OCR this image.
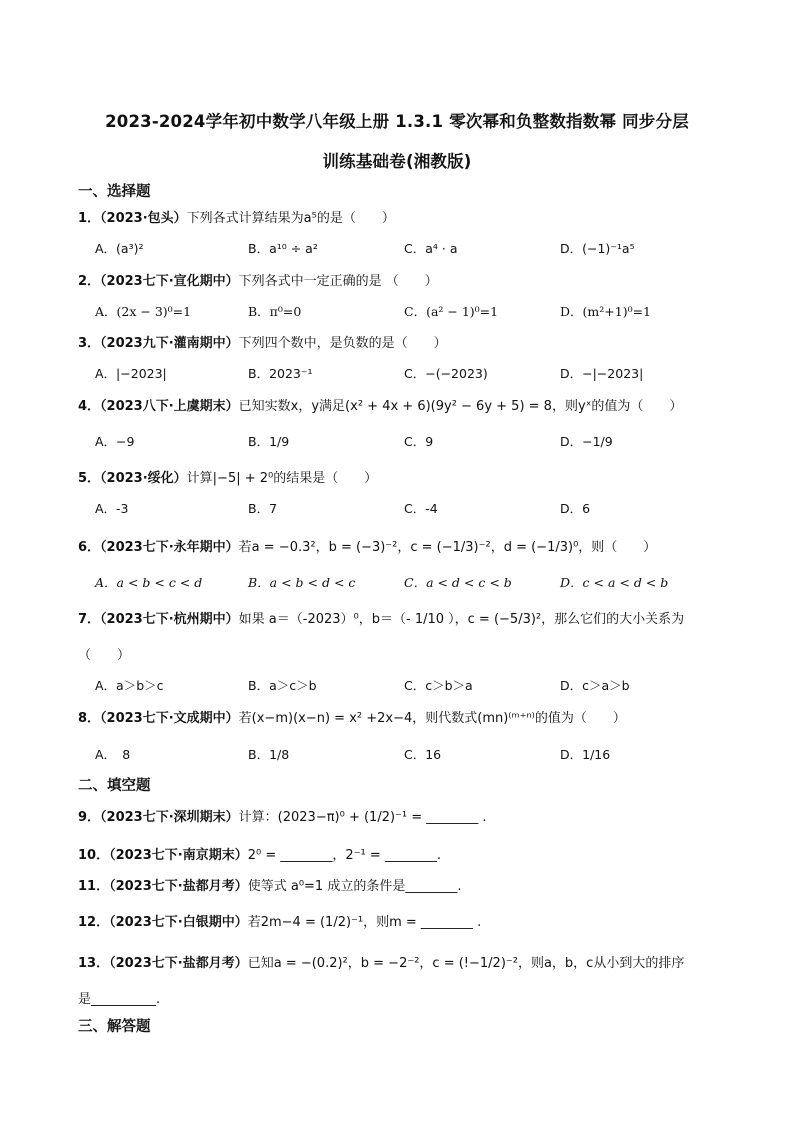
2023-2024学年初中数学八年级上册 1.3.1 零次幂和负整数指数幂 同步分层
训练基础卷(湘教版)
一、选择题
1．（2023·包头）下列各式计算结果为a⁵的是（　　）
A．(a³)²	B．a¹⁰ ÷ a²	C．a⁴ · a	D．(−1)⁻¹a⁵
2．（2023七下·宣化期中）下列各式中一定正确的是 （　　）
A．(2x − 3)⁰=1	B．π⁰=0	C．(a² − 1)⁰=1	D．(m²+1)⁰=1
3．（2023九下·灌南期中）下列四个数中，是负数的是（　　）
A．|−2023|	B．2023⁻¹	C．−(−2023)	D．−|−2023|
4．（2023八下·上虞期末）已知实数x，y满足(x² + 4x + 6)(9y² − 6y + 5) = 8，则yˣ的值为（　　）
A．−9	B．1/9	C．9	D．−1/9
5．（2023·绥化）计算|−5| + 2⁰的结果是（　　）
A．-3	B．7	C．-4	D．6
6．（2023七下·永年期中）若a = −0.3²，b = (−3)⁻²，c = (−1/3)⁻²，d = (−1/3)⁰，则（　　）
A．a < b < c < d	B．a < b < d < c	C．a < d < c < b	D．c < a < d < b
7．（2023七下·杭州期中）如果 a＝（-2023）⁰，b＝（- 1/10 ），c = (−5/3)²，那么它们的大小关系为
（　　）
A．a＞b＞c	B．a＞c＞b	C．c＞b＞a	D．c＞a＞b
8．（2023七下·文成期中）若(x−m)(x−n) = x² +2x−4，则代数式(mn)⁽ᵐ⁺ⁿ⁾的值为（　　）
A．　8	B．1/8	C．16	D．1/16
二、填空题
9．（2023七下·深圳期末）计算：(2023−π)⁰ + (1/2)⁻¹ = ________ .
10．（2023七下·南京期末）2⁰ = ________，2⁻¹ = ________.
11．（2023七下·盐都月考）使等式 a⁰=1 成立的条件是________.
12．（2023七下·白银期中）若2m−4 = (1/2)⁻¹，则m = ________ .
13．（2023七下·盐都月考）已知a = −(0.2)²，b = −2⁻²，c = (!−1/2)⁻²，则a，b，c从小到大的排序
是__________.
三、解答题
